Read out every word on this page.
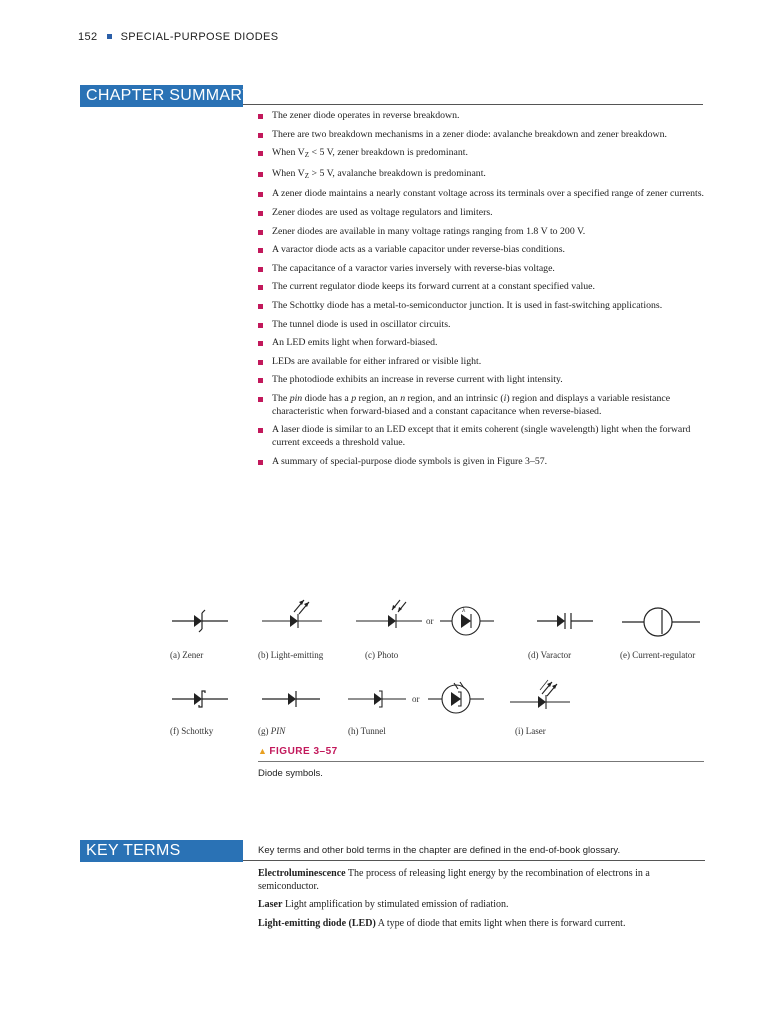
152 SPECIAL-PURPOSE DIODES
CHAPTER SUMMARY
The zener diode operates in reverse breakdown.
There are two breakdown mechanisms in a zener diode: avalanche breakdown and zener breakdown.
When $V_Z < 5$ V, zener breakdown is predominant.
When $V_Z > 5$ V, avalanche breakdown is predominant.
A zener diode maintains a nearly constant voltage across its terminals over a specified range of zener currents.
Zener diodes are used as voltage regulators and limiters.
Zener diodes are available in many voltage ratings ranging from 1.8 V to 200 V.
A varactor diode acts as a variable capacitor under reverse-bias conditions.
The capacitance of a varactor varies inversely with reverse-bias voltage.
The current regulator diode keeps its forward current at a constant specified value.
The Schottky diode has a metal-to-semiconductor junction. It is used in fast-switching applications.
The tunnel diode is used in oscillator circuits.
An LED emits light when forward-biased.
LEDs are available for either infrared or visible light.
The photodiode exhibits an increase in reverse current with light intensity.
The pin diode has a p region, an n region, and an intrinsic (i) region and displays a variable resistance characteristic when forward-biased and a constant capacitance when reverse-biased.
A laser diode is similar to an LED except that it emits coherent (single wavelength) light when the forward current exceeds a threshold value.
A summary of special-purpose diode symbols is given in Figure 3–57.
(a) Zener	(b) Light-emitting
λ
or
(c) Photo	(d) Varactor	(e) Current-regulator
(f) Schottky	(g) PIN
or
(h) Tunnel	(i) Laser
▲ FIGURE 3–57
Diode symbols.
KEY TERMS	Key terms and other bold terms in the chapter are defined in the end-of-book glossary.

Electroluminescence The process of releasing light energy by the recombination of electrons in a semiconductor.

Laser Light amplification by stimulated emission of radiation.

Light-emitting diode (LED) A type of diode that emits light when there is forward current.
